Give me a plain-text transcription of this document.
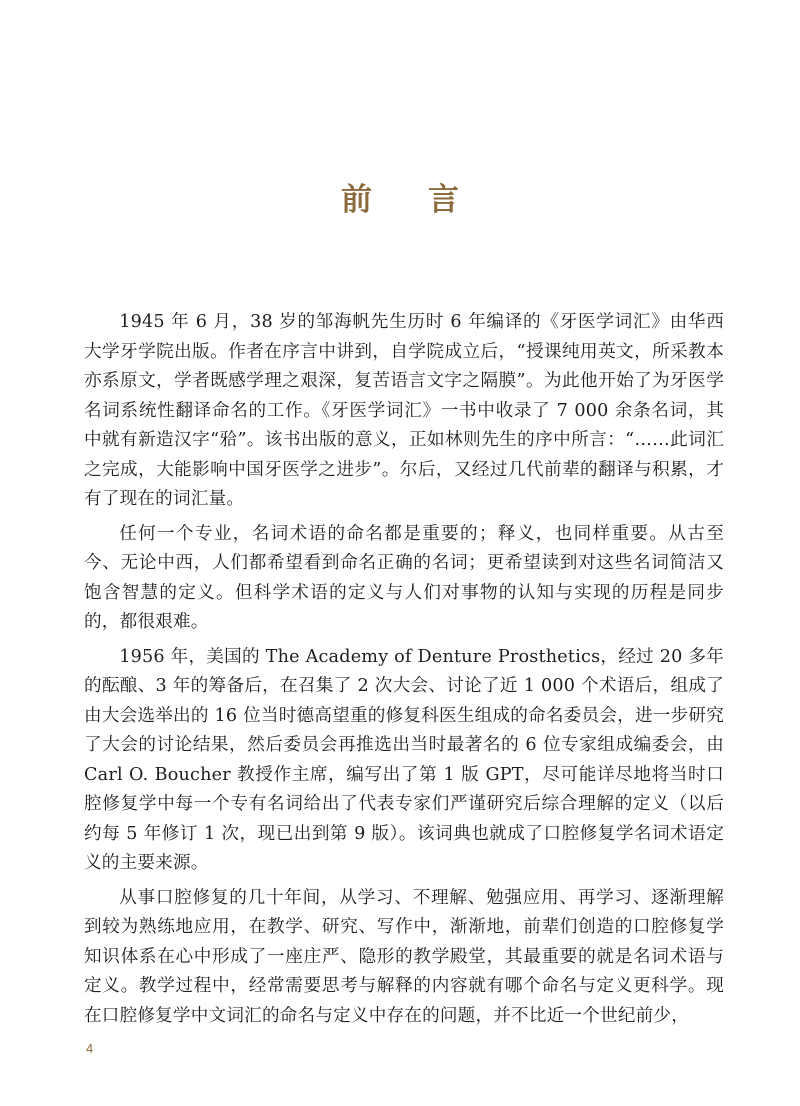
前 言

1945 年 6 月，38 岁的邹海帆先生历时 6 年编译的《牙医学词汇》由华西大学牙学院出版。作者在序言中讲到，自学院成立后，“授课纯用英文，所采教本亦系原文，学者既感学理之艰深，复苦语言文字之隔膜”。为此他开始了为牙医学名词系统性翻译命名的工作。《牙医学词汇》一书中收录了 7 000 余条名词，其中就有新造汉字“𬌗”。该书出版的意义，正如林则先生的序中所言：“……此词汇之完成，大能影响中国牙医学之进步”。尔后，又经过几代前辈的翻译与积累，才有了现在的词汇量。

任何一个专业，名词术语的命名都是重要的；释义，也同样重要。从古至今、无论中西，人们都希望看到命名正确的名词；更希望读到对这些名词简洁又饱含智慧的定义。但科学术语的定义与人们对事物的认知与实现的历程是同步的，都很艰难。

1956 年，美国的 The Academy of Denture Prosthetics，经过 20 多年的酝酿、3 年的筹备后，在召集了 2 次大会、讨论了近 1 000 个术语后，组成了由大会选举出的 16 位当时德高望重的修复科医生组成的命名委员会，进一步研究了大会的讨论结果，然后委员会再推选出当时最著名的 6 位专家组成编委会，由 Carl O. Boucher 教授作主席，编写出了第 1 版 GPT，尽可能详尽地将当时口腔修复学中每一个专有名词给出了代表专家们严谨研究后综合理解的定义（以后约每 5 年修订 1 次，现已出到第 9 版）。该词典也就成了口腔修复学名词术语定义的主要来源。

从事口腔修复的几十年间，从学习、不理解、勉强应用、再学习、逐渐理解到较为熟练地应用，在教学、研究、写作中，渐渐地，前辈们创造的口腔修复学知识体系在心中形成了一座庄严、隐形的教学殿堂，其最重要的就是名词术语与定义。教学过程中，经常需要思考与解释的内容就有哪个命名与定义更科学。现在口腔修复学中文词汇的命名与定义中存在的问题，并不比近一个世纪前少，

4
